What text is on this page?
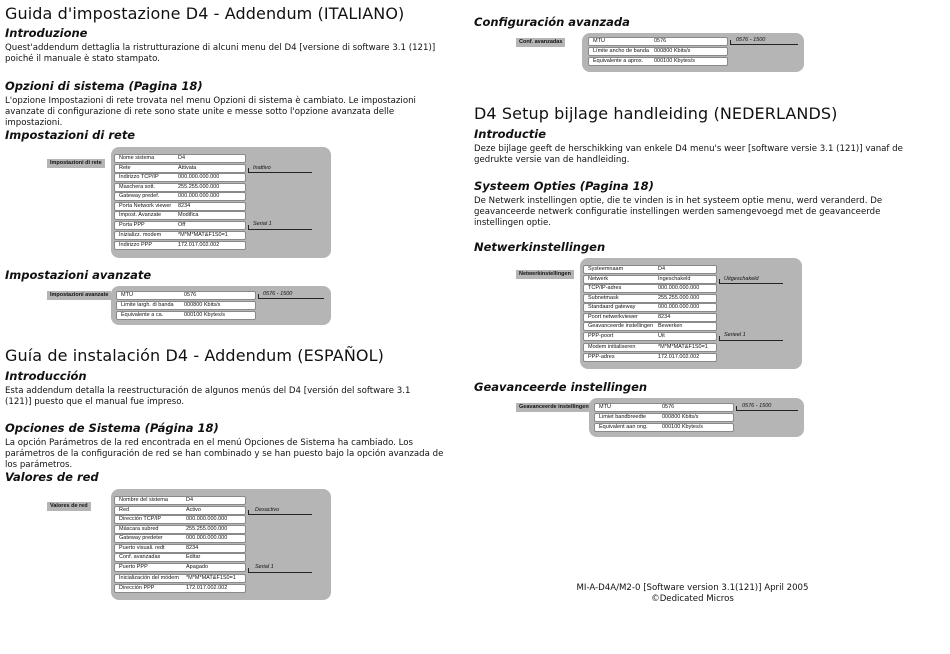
Guida d'impostazione D4 - Addendum (ITALIANO)
Introduzione
Quest'addendum dettaglia la ristrutturazione di alcuni menu del D4 [versione di software 3.1 (121)] poiché il manuale è stato stampato.
Opzioni di sistema (Pagina 18)
L'opzione Impostazioni di rete trovata nel menu Opzioni di sistema è cambiato. Le impostazioni avanzate di configurazione di rete sono state unite e messe sotto l'opzione avanzata delle impostazioni.
Impostazioni di rete
Impostazioni di rete
Nome sistema	D4
Rete	Attivata
Indirizzo TCP/IP	000.000.000.000
Maschera sott.	255.255.000.000
Gateway predef.	000.000.000.000
Porta Network viewer 8234
Impost. Avanzate	Modifica
Porta PPP	Off
Inizializz. modem	*M*M*MAT&F1S0=1
Indirizzo PPP	172.017.002.002
Inattivo
Serial 1
Impostazioni avanzate
Impostazioni avanzate	MTU	0576
Limite largh. di banda 000800 Kbits/s
Equivalente a ca.	000100 Kbytes/s
0576 - 1500
Guía de instalación D4 - Addendum (ESPAÑOL)
Introducción
Esta addendum detalla la reestructuración de algunos menús del D4 [versión del software 3.1 (121)] puesto que el manual fue impreso.
Opciones de Sistema (Página 18)
La opción Parámetros de la red encontrada en el menú Opciones de Sistema ha cambiado. Los parámetros de la configuración de red se han combinado y se han puesto bajo la opción avanzada de los parámetros.
Valores de red
Valores de red
Nombre del sistema	D4
Red	Activo
Dirección TCP/IP	000.000.000.000
Máscara subred	255.255.000.000
Gateway predeter	000.000.000.000
Puerto visuali. redt	8234
Conf. avanzadas	Editar
Puerto PPP	Apagado
Inicialización del módem *M*M*MAT&F1S0=1
Dirección PPP	172.017.002.002
Desactivo
Serial 1
Configuración avanzada
Conf. avanzadas	MTU	0576
Límite ancho de banda 000800 Kbits/s
Equivalente a aprox. 000100 Kbytes/s
0576 - 1500
D4 Setup bijlage handleiding (NEDERLANDS)
Introductie
Deze bijlage geeft de herschikking van enkele D4 menu's weer [software versie 3.1 (121)] vanaf de gedrukte versie van de handleiding.
Systeem Opties (Pagina 18)
De Netwerk instellingen optie, die te vinden is in het systeem optie menu, werd veranderd. De geavanceerde netwerk configuratie instellingen werden samengevoegd met de geavanceerde instellingen optie.
Netwerkinstellingen
Netwerkinstellingen
Systeemnaam	D4
Netwerk	Ingeschakeld
TCP/IP-adres	000.000.000.000
Subnetmask	255.255.000.000
Standaard gateway	000.000.000.000
Poort netwerkviewer	8234
Geavanceerde instellingen Bewerken
PPP-poort	Uit
Modem initialiseren	*M*M*MAT&F1S0=1
PPP-adres	172.017.002.002
Uitgeschakeld
Serieel 1
Geavanceerde instellingen
Geavanceerde instellingen	MTU	0576
Limiet bandbreedte	000800 Kbits/s
Equivalent aan ong.	000100 Kbytes/s
0576 - 1500
MI-A-D4A/M2-0 [Software version 3.1(121)] April 2005
©Dedicated Micros
